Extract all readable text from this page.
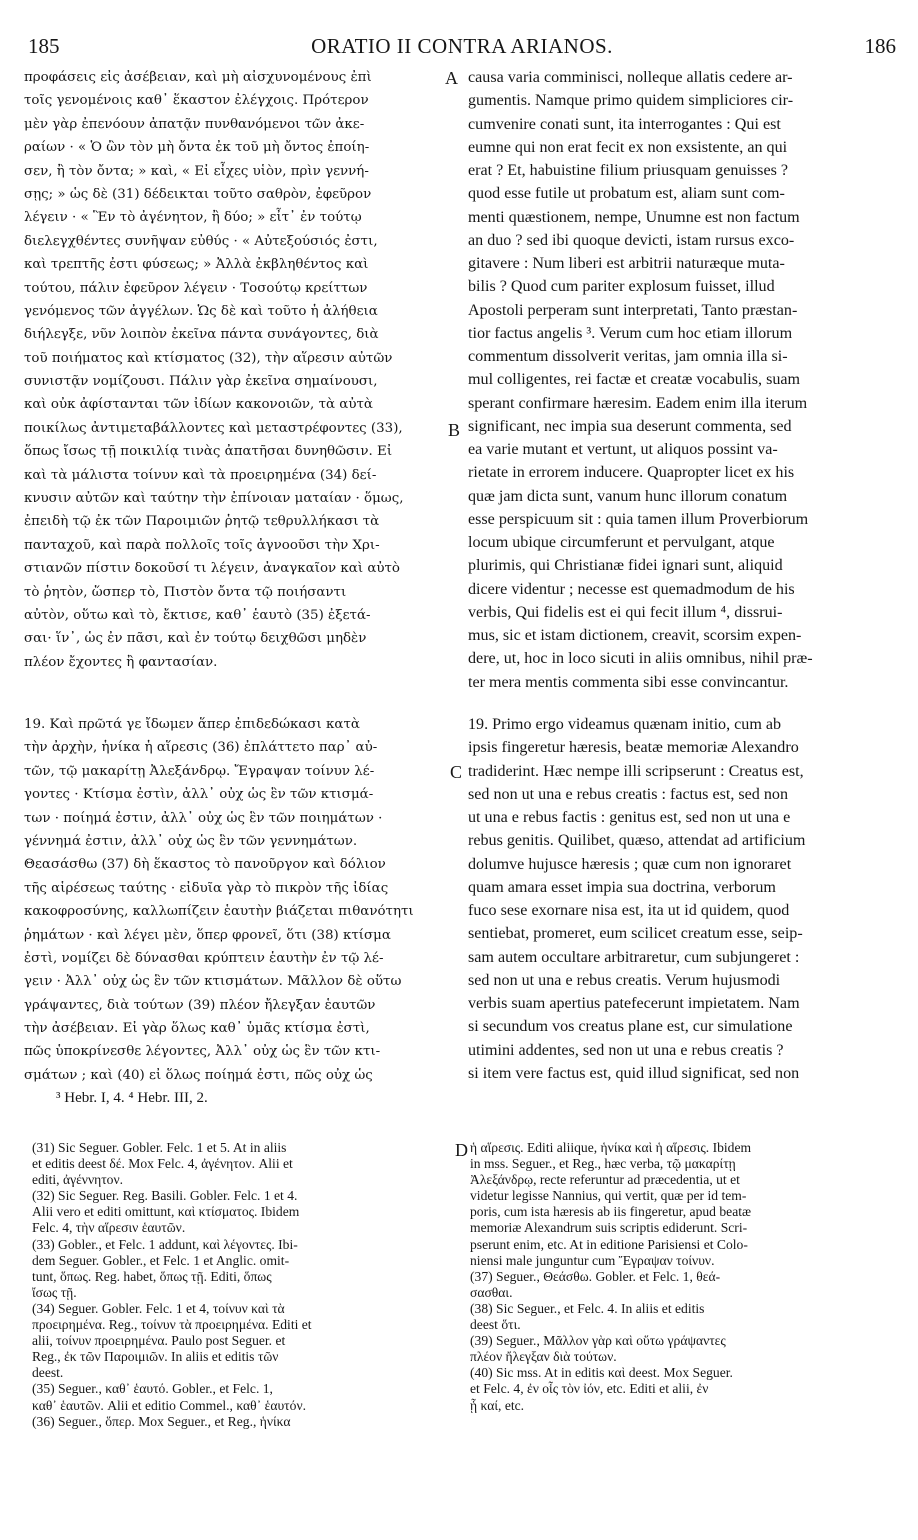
185	ORATIO II CONTRA ARIANOS.	186
A
B
C
D
προφάσεις εἰς ἀσέβειαν, καὶ μὴ αἰσχυνομένους ἐπὶ
τοῖς γενομένοις καθ᾽ ἕκαστον ἐλέγχοις. Πρότερον
μὲν γὰρ ἐπενόουν ἀπατᾷν πυνθανόμενοι τῶν ἀκε-
ραίων · « Ὁ ὢν τὸν μὴ ὄντα ἐκ τοῦ μὴ ὄντος ἐποίη-
σεν, ἢ τὸν ὄντα; » καὶ, « Εἰ εἶχες υἱὸν, πρὶν γεννή-
σῃς; » ὡς δὲ (31) δέδεικται τοῦτο σαθρὸν, ἐφεῦρον
λέγειν · « Ἓν τὸ ἀγένητον, ἢ δύο; » εἶτ᾽ ἐν τούτῳ
διελεγχθέντες συνῆψαν εὐθύς · « Αὐτεξούσιός ἐστι,
καὶ τρεπτῆς ἐστι φύσεως; » Ἀλλὰ ἐκβληθέντος καὶ
τούτου, πάλιν ἐφεῦρον λέγειν · Τοσούτῳ κρείττων
γενόμενος τῶν ἀγγέλων. Ὡς δὲ καὶ τοῦτο ἡ ἀλήθεια
διήλεγξε, νῦν λοιπὸν ἐκεῖνα πάντα συνάγοντες, διὰ
τοῦ ποιήματος καὶ κτίσματος (32), τὴν αἵρεσιν αὐτῶν
συνιστᾷν νομίζουσι. Πάλιν γὰρ ἐκεῖνα σημαίνουσι,
καὶ οὐκ ἀφίστανται τῶν ἰδίων κακονοιῶν, τὰ αὐτὰ
ποικίλως ἀντιμεταβάλλοντες καὶ μεταστρέφοντες (33),
ὅπως ἴσως τῇ ποικιλίᾳ τινὰς ἀπατῆσαι δυνηθῶσιν. Εἰ
καὶ τὰ μάλιστα τοίνυν καὶ τὰ προειρημένα (34) δεί-
κνυσιν αὐτῶν καὶ ταύτην τὴν ἐπίνοιαν ματαίαν · ὅμως,
ἐπειδὴ τῷ ἐκ τῶν Παροιμιῶν ῥητῷ τεθρυλλήκασι τὰ
πανταχοῦ, καὶ παρὰ πολλοῖς τοῖς ἀγνοοῦσι τὴν Χρι-
στιανῶν πίστιν δοκοῦσί τι λέγειν, ἀναγκαῖον καὶ αὐτὸ
τὸ ῥητὸν, ὥσπερ τὸ, Πιστὸν ὄντα τῷ ποιήσαντι
αὐτὸν, οὕτω καὶ τὸ, ἔκτισε, καθ᾽ ἑαυτὸ (35) ἐξετά-
σαι· ἵν᾽, ὡς ἐν πᾶσι, καὶ ἐν τούτῳ δειχθῶσι μηδὲν
πλέον ἔχοντες ἢ φαντασίαν.
causa varia comminisci, nolleque allatis cedere ar-
gumentis. Namque primo quidem simpliciores cir-
cumvenire conati sunt, ita interrogantes : Qui est
eumne qui non erat fecit ex non exsistente, an qui
erat ? Et, habuistine filium priusquam genuisses ?
quod esse futile ut probatum est, aliam sunt com-
menti quæstionem, nempe, Unumne est non factum
an duo ? sed ibi quoque devicti, istam rursus exco-
gitavere : Num liberi est arbitrii naturæque muta-
bilis ? Quod cum pariter explosum fuisset, illud
Apostoli perperam sunt interpretati, Tanto præstan-
tior factus angelis ³. Verum cum hoc etiam illorum
commentum dissolverit veritas, jam omnia illa si-
mul colligentes, rei factæ et creatæ vocabulis, suam
sperant confirmare hæresim. Eadem enim illa iterum
significant, nec impia sua deserunt commenta, sed
ea varie mutant et vertunt, ut aliquos possint va-
rietate in errorem inducere. Quapropter licet ex his
quæ jam dicta sunt, vanum hunc illorum conatum
esse perspicuum sit : quia tamen illum Proverbiorum
locum ubique circumferunt et pervulgant, atque
plurimis, qui Christianæ fidei ignari sunt, aliquid
dicere videntur ; necesse est quemadmodum de his
verbis, Qui fidelis est ei qui fecit illum ⁴, dissrui-
mus, sic et istam dictionem, creavit, scorsim expen-
dere, ut, hoc in loco sicuti in aliis omnibus, nihil præ-
ter mera mentis commenta sibi esse convincantur.
19. Καὶ πρῶτά γε ἴδωμεν ἅπερ ἐπιδεδώκασι κατὰ
τὴν ἀρχὴν, ἡνίκα ἡ αἵρεσις (36) ἐπλάττετο παρ᾽ αὐ-
τῶν, τῷ μακαρίτῃ Ἀλεξάνδρῳ. Ἔγραψαν τοίνυν λέ-
γοντες · Κτίσμα ἐστὶν, ἀλλ᾽ οὐχ ὡς ἓν τῶν κτισμά-
των · ποίημά ἐστιν, ἀλλ᾽ οὐχ ὡς ἓν τῶν ποιημάτων ·
γέννημά ἐστιν, ἀλλ᾽ οὐχ ὡς ἓν τῶν γεννημάτων.
Θεασάσθω (37) δὴ ἕκαστος τὸ πανοῦργον καὶ δόλιον
τῆς αἱρέσεως ταύτης · εἰδυῖα γὰρ τὸ πικρὸν τῆς ἰδίας
κακοφροσύνης, καλλωπίζειν ἑαυτὴν βιάζεται πιθανότητι
ῥημάτων · καὶ λέγει μὲν, ὅπερ φρονεῖ, ὅτι (38) κτίσμα
ἐστὶ, νομίζει δὲ δύνασθαι κρύπτειν ἑαυτὴν ἐν τῷ λέ-
γειν · Ἀλλ᾽ οὐχ ὡς ἓν τῶν κτισμάτων. Μᾶλλον δὲ οὕτω
γράψαντες, διὰ τούτων (39) πλέον ἤλεγξαν ἑαυτῶν
τὴν ἀσέβειαν. Εἰ γὰρ ὅλως καθ᾽ ὑμᾶς κτίσμα ἐστὶ,
πῶς ὑποκρίνεσθε λέγοντες, Ἀλλ᾽ οὐχ ὡς ἓν τῶν κτι-
σμάτων ; καὶ (40) εἰ ὅλως ποίημά ἐστι, πῶς οὐχ ὡς
19. Primo ergo videamus quænam initio, cum ab
ipsis fingeretur hæresis, beatæ memoriæ Alexandro
tradiderint. Hæc nempe illi scripserunt : Creatus est,
sed non ut una e rebus creatis : factus est, sed non
ut una e rebus factis : genitus est, sed non ut una e
rebus genitis. Quilibet, quæso, attendat ad artificium
dolumve hujusce hæresis ; quæ cum non ignoraret
quam amara esset impia sua doctrina, verborum
fuco sese exornare nisa est, ita ut id quidem, quod
sentiebat, promeret, eum scilicet creatum esse, seip-
sam autem occultare arbitraretur, cum subjungeret :
sed non ut una e rebus creatis. Verum hujusmodi
verbis suam apertius patefecerunt impietatem. Nam
si secundum vos creatus plane est, cur simulatione
utimini addentes, sed non ut una e rebus creatis ?
si item vere factus est, quid illud significat, sed non
³ Hebr. I, 4. ⁴ Hebr. III, 2.
(31) Sic Seguer. Gobler. Felc. 1 et 5. At in aliis
et editis deest δέ. Mox Felc. 4, ἀγένητον. Alii et
editi, ἀγέννητον.
(32) Sic Seguer. Reg. Basili. Gobler. Felc. 1 et 4.
Alii vero et editi omittunt, καὶ κτίσματος. Ibidem
Felc. 4, τὴν αἵρεσιν ἑαυτῶν.
(33) Gobler., et Felc. 1 addunt, καὶ λέγοντες. Ibi-
dem Seguer. Gobler., et Felc. 1 et Anglic. omit-
tunt, ὅπως. Reg. habet, ὅπως τῇ. Editi, ὅπως
ἴσως τῇ.
(34) Seguer. Gobler. Felc. 1 et 4, τοίνυν καὶ τὰ
προειρημένα. Reg., τοίνυν τὰ προειρημένα. Editi et
alii, τοίνυν προειρημένα. Paulo post Seguer. et
Reg., ἐκ τῶν Παροιμιῶν. In aliis et editis τῶν
deest.
(35) Seguer., καθ᾽ ἑαυτό. Gobler., et Felc. 1,
καθ᾽ ἑαυτῶν. Alii et editio Commel., καθ᾽ ἑαυτόν.
(36) Seguer., ὅπερ. Mox Seguer., et Reg., ἡνίκα
ἡ αἵρεσις. Editi aliique, ἡνίκα καὶ ἡ αἵρεσις. Ibidem
in mss. Seguer., et Reg., hæc verba, τῷ μακαρίτῃ
Ἀλεξάνδρῳ, recte referuntur ad præcedentia, ut et
videtur legisse Nannius, qui vertit, quæ per id tem-
poris, cum ista hæresis ab iis fingeretur, apud beatæ
memoriæ Alexandrum suis scriptis ediderunt. Scri-
pserunt enim, etc. At in editione Parisiensi et Colo-
niensi male junguntur cum Ἔγραψαν τοίνυν.
(37) Seguer., Θεάσθω. Gobler. et Felc. 1, θεά-
σασθαι.
(38) Sic Seguer., et Felc. 4. In aliis et editis
deest ὅτι.
(39) Seguer., Μᾶλλον γὰρ καὶ οὕτω γράψαντες
πλέον ἤλεγξαν διὰ τούτων.
(40) Sic mss. At in editis καὶ deest. Mox Seguer.
et Felc. 4, ἐν οἷς τὸν ἰόν, etc. Editi et alii, ἐν
ᾗ καί, etc.
